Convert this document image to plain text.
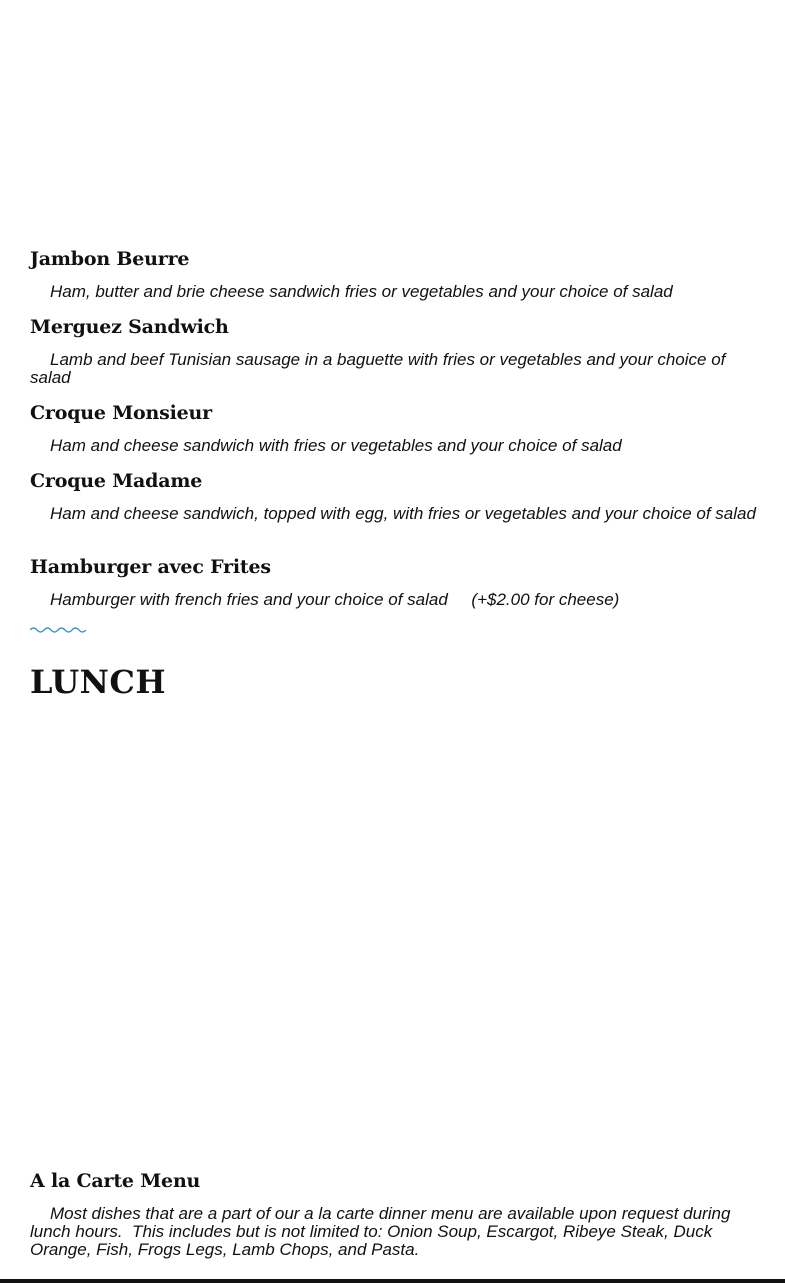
Jambon Beurre

Ham, butter and brie cheese sandwich fries or vegetables and your choice of salad

Merguez Sandwich

Lamb and beef Tunisian sausage in a baguette with fries or vegetables and your choice of salad

Croque Monsieur

Ham and cheese sandwich with fries or vegetables and your choice of salad

Croque Madame

Ham and cheese sandwich, topped with egg, with fries or vegetables and your choice of salad

Hamburger avec Frites

Hamburger with french fries and your choice of salad     (+$2.00 for cheese)

LUNCH
A la Carte Menu

Most dishes that are a part of our a la carte dinner menu are available upon request during lunch hours.  This includes but is not limited to: Onion Soup, Escargot, Ribeye Steak, Duck Orange, Fish, Frogs Legs, Lamb Chops, and Pasta.
